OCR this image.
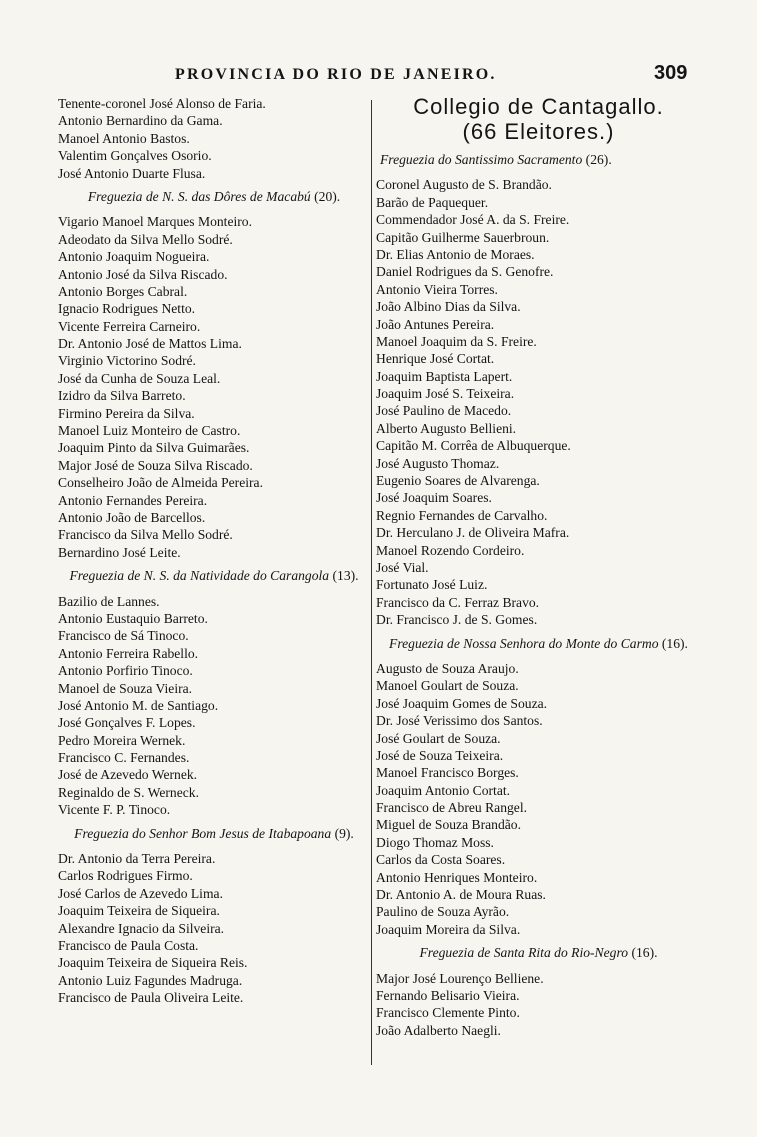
PROVINCIA DO RIO DE JANEIRO.	309
Tenente-coronel José Alonso de Faria.
Antonio Bernardino da Gama.
Manoel Antonio Bastos.
Valentim Gonçalves Osorio.
José Antonio Duarte Flusa.
Freguezia de N. S. das Dôres de Macabú (20).
Vigario Manoel Marques Monteiro.
Adeodato da Silva Mello Sodré.
Antonio Joaquim Nogueira.
Antonio José da Silva Riscado.
Antonio Borges Cabral.
Ignacio Rodrigues Netto.
Vicente Ferreira Carneiro.
Dr. Antonio José de Mattos Lima.
Virginio Victorino Sodré.
José da Cunha de Souza Leal.
Izidro da Silva Barreto.
Firmino Pereira da Silva.
Manoel Luiz Monteiro de Castro.
Joaquim Pinto da Silva Guimarães.
Major José de Souza Silva Riscado.
Conselheiro João de Almeida Pereira.
Antonio Fernandes Pereira.
Antonio João de Barcellos.
Francisco da Silva Mello Sodré.
Bernardino José Leite.
Freguezia de N. S. da Natividade do Carangola (13).
Bazilio de Lannes.
Antonio Eustaquio Barreto.
Francisco de Sá Tinoco.
Antonio Ferreira Rabello.
Antonio Porfirio Tinoco.
Manoel de Souza Vieira.
José Antonio M. de Santiago.
José Gonçalves F. Lopes.
Pedro Moreira Wernek.
Francisco C. Fernandes.
José de Azevedo Wernek.
Reginaldo de S. Werneck.
Vicente F. P. Tinoco.
Freguezia do Senhor Bom Jesus de Itabapoana (9).
Dr. Antonio da Terra Pereira.
Carlos Rodrigues Firmo.
José Carlos de Azevedo Lima.
Joaquim Teixeira de Siqueira.
Alexandre Ignacio da Silveira.
Francisco de Paula Costa.
Joaquim Teixeira de Siqueira Reis.
Antonio Luiz Fagundes Madruga.
Francisco de Paula Oliveira Leite.
Collegio de Cantagallo.
(66 Eleitores.)
Freguezia do Santissimo Sacramento (26).
Coronel Augusto de S. Brandão.
Barão de Paquequer.
Commendador José A. da S. Freire.
Capitão Guilherme Sauerbroun.
Dr. Elias Antonio de Moraes.
Daniel Rodrigues da S. Genofre.
Antonio Vieira Torres.
João Albino Dias da Silva.
João Antunes Pereira.
Manoel Joaquim da S. Freire.
Henrique José Cortat.
Joaquim Baptista Lapert.
Joaquim José S. Teixeira.
José Paulino de Macedo.
Alberto Augusto Bellieni.
Capitão M. Corrêa de Albuquerque.
José Augusto Thomaz.
Eugenio Soares de Alvarenga.
José Joaquim Soares.
Regnio Fernandes de Carvalho.
Dr. Herculano J. de Oliveira Mafra.
Manoel Rozendo Cordeiro.
José Vial.
Fortunato José Luiz.
Francisco da C. Ferraz Bravo.
Dr. Francisco J. de S. Gomes.
Freguezia de Nossa Senhora do Monte do Carmo (16).
Augusto de Souza Araujo.
Manoel Goulart de Souza.
José Joaquim Gomes de Souza.
Dr. José Verissimo dos Santos.
José Goulart de Souza.
José de Souza Teixeira.
Manoel Francisco Borges.
Joaquim Antonio Cortat.
Francisco de Abreu Rangel.
Miguel de Souza Brandão.
Diogo Thomaz Moss.
Carlos da Costa Soares.
Antonio Henriques Monteiro.
Dr. Antonio A. de Moura Ruas.
Paulino de Souza Ayrão.
Joaquim Moreira da Silva.
Freguezia de Santa Rita do Rio-Negro (16).
Major José Lourenço Belliene.
Fernando Belisario Vieira.
Francisco Clemente Pinto.
João Adalberto Naegli.
